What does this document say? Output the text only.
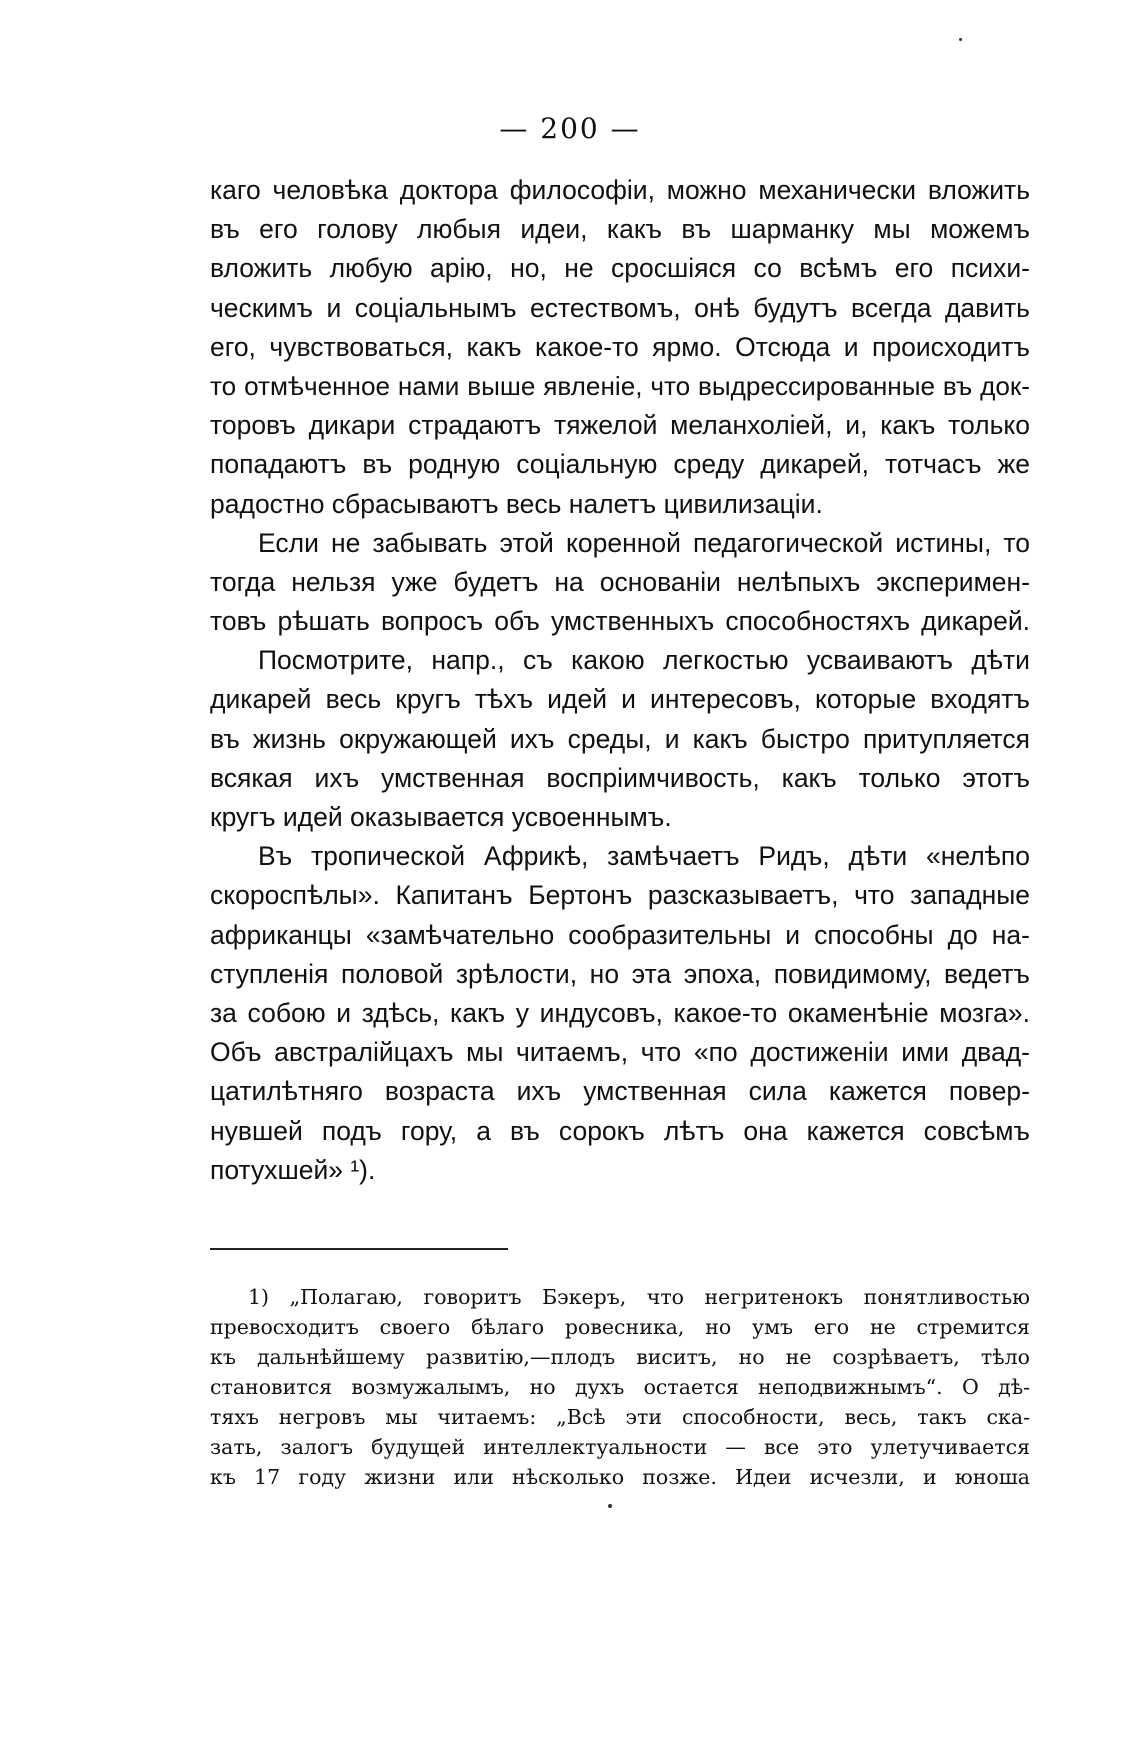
— 200 —
каго человѣка доктора философіи, можно механически вложить
въ его голову любыя идеи, какъ въ шарманку мы можемъ
вложить любую арію, но, не сросшіяся со всѣмъ его психи-
ческимъ и соціальнымъ естествомъ, онѣ будутъ всегда давить
его, чувствоваться, какъ какое-то ярмо. Отсюда и происходитъ
то отмѣченное нами выше явленіе, что выдрессированные въ док-
торовъ дикари страдаютъ тяжелой меланхоліей, и, какъ только
попадаютъ въ родную соціальную среду дикарей, тотчасъ же
радостно сбрасываютъ весь налетъ цивилизаціи.
Если не забывать этой коренной педагогической истины, то
тогда нельзя уже будетъ на основаніи нелѣпыхъ эксперимен-
товъ рѣшать вопросъ объ умственныхъ способностяхъ дикарей.
Посмотрите, напр., съ какою легкостью усваиваютъ дѣти
дикарей весь кругъ тѣхъ идей и интересовъ, которые входятъ
въ жизнь окружающей ихъ среды, и какъ быстро притупляется
всякая ихъ умственная воспріимчивость, какъ только этотъ
кругъ идей оказывается усвоеннымъ.
Въ тропической Африкѣ, замѣчаетъ Ридъ, дѣти «нелѣпо
скороспѣлы». Капитанъ Бертонъ разсказываетъ, что западные
африканцы «замѣчательно сообразительны и способны до на-
ступленія половой зрѣлости, но эта эпоха, повидимому, ведетъ
за собою и здѣсь, какъ у индусовъ, какое-то окаменѣніе мозга».
Объ австралійцахъ мы читаемъ, что «по достиженіи ими двад-
цатилѣтняго возраста ихъ умственная сила кажется повер-
нувшей подъ гору, а въ сорокъ лѣтъ она кажется совсѣмъ
потухшей» ¹).
1) „Полагаю, говоритъ Бэкеръ, что негритенокъ понятливостью
превосходитъ своего бѣлаго ровесника, но умъ его не стремится
къ дальнѣйшему развитію,—плодъ виситъ, но не созрѣваетъ, тѣло
становится возмужалымъ, но духъ остается неподвижнымъ“. О дѣ-
тяхъ негровъ мы читаемъ: „Всѣ эти способности, весь, такъ ска-
зать, залогъ будущей интеллектуальности — все это улетучивается
къ 17 году жизни или нѣсколько позже. Идеи исчезли, и юноша
